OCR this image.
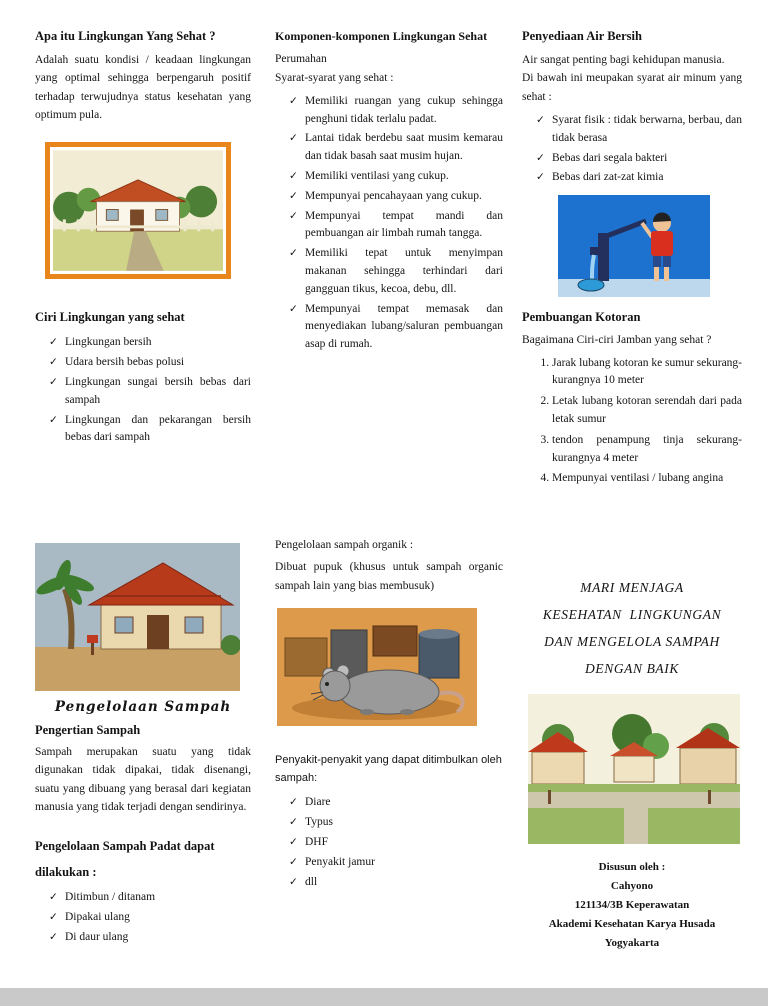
Apa itu Lingkungan Yang Sehat ?

Adalah suatu kondisi / keadaan lingkungan yang optimal sehingga berpengaruh positif terhadap terwujudnya status kesehatan yang optimum pula.

Ciri Lingkungan yang sehat
✓ Lingkungan bersih
✓ Udara bersih bebas polusi
✓ Lingkungan sungai bersih bebas dari sampah
✓ Lingkungan dan pekarangan bersih bebas dari sampah
Pengelolaan Sampah
Pengertian Sampah

Sampah merupakan suatu yang tidak digunakan tidak dipakai, tidak disenangi, suatu yang dibuang yang berasal dari kegiatan manusia yang tidak terjadi dengan sendirinya.

Pengelolaan Sampah Padat dapat dilakukan :
✓ Ditimbun / ditanam
✓ Dipakai ulang
✓ Di daur ulang
Komponen-komponen Lingkungan Sehat
Perumahan
Syarat-syarat yang sehat :
✓ Memiliki ruangan yang cukup sehingga penghuni tidak terlalu padat.
✓ Lantai tidak berdebu saat musim kemarau dan tidak basah saat musim hujan.
✓ Memiliki ventilasi yang cukup.
✓ Mempunyai pencahayaan yang cukup.
✓ Mempunyai tempat mandi dan pembuangan air limbah rumah tangga.
✓ Memiliki tepat untuk menyimpan makanan sehingga terhindari dari gangguan tikus, kecoa, debu, dll.
✓ Mempunyai tempat memasak dan menyediakan lubang/saluran pembuangan asap di rumah.
Pengelolaan sampah organik :

Dibuat pupuk (khusus untuk sampah organic sampah lain yang bias membusuk)

Penyakit-penyakit yang dapat ditimbulkan oleh sampah:

✓ Diare
✓ Typus
✓ DHF
✓ Penyakit jamur
✓ dll
Penyediaan Air Bersih

Air sangat penting bagi kehidupan manusia.

Di bawah ini meupakan syarat air minum yang sehat :

✓ Syarat fisik : tidak berwarna, berbau, dan tidak berasa
✓ Bebas dari segala bakteri
✓ Bebas dari zat-zat kimia
Pembuangan Kotoran

Bagaimana Ciri-ciri Jamban yang sehat ?

1. Jarak lubang kotoran ke sumur sekurang-kurangnya 10 meter
2. Letak lubang kotoran serendah dari pada letak sumur
3. tendon penampung tinja sekurang-kurangnya 4 meter
4. Mempunyai ventilasi / lubang angina
MARI MENJAGA
KESEHATAN  LINGKUNGAN
DAN MENGELOLA SAMPAH
DENGAN BAIK
Disusun oleh :
Cahyono
121134/3B Keperawatan
Akademi Kesehatan Karya Husada
Yogyakarta
